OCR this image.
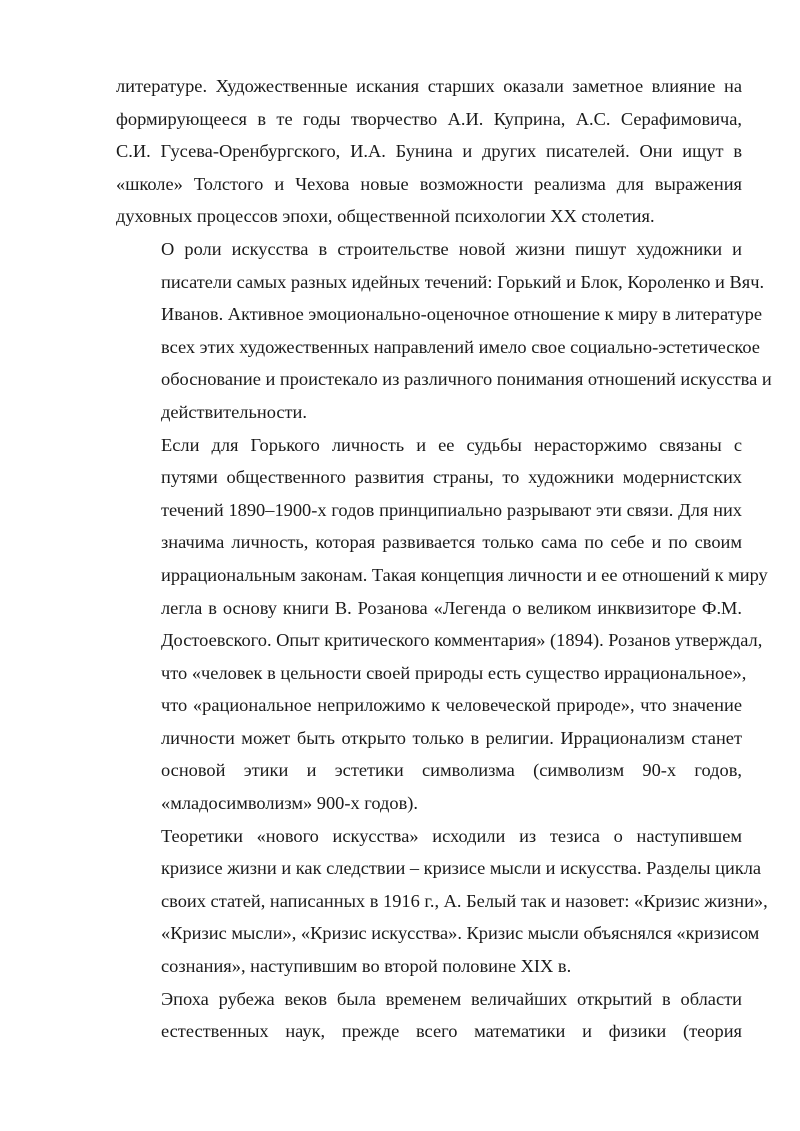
литературе. Художественные искания старших оказали заметное влияние на
формирующееся в те годы творчество А.И. Куприна, А.С. Серафимовича,
С.И. Гусева-Оренбургского, И.А. Бунина и других писателей. Они ищут в
«школе» Толстого и Чехова новые возможности реализма для выражения
духовных процессов эпохи, общественной психологии XX столетия.

О роли искусства в строительстве новой жизни пишут художники и
писатели самых разных идейных течений: Горький и Блок, Короленко и Вяч.
Иванов. Активное эмоционально-оценочное отношение к миру в литературе
всех этих художественных направлений имело свое социально-эстетическое
обоснование и проистекало из различного понимания отношений искусства и
действительности.

Если для Горького личность и ее судьбы нерасторжимо связаны с
путями общественного развития страны, то художники модернистских
течений 1890–1900-х годов принципиально разрывают эти связи. Для них
значима личность, которая развивается только сама по себе и по своим
иррациональным законам. Такая концепция личности и ее отношений к миру
легла в основу книги В. Розанова «Легенда о великом инквизиторе Ф.М.
Достоевского. Опыт критического комментария» (1894). Розанов утверждал,
что «человек в цельности своей природы есть существо иррациональное»,
что «рациональное неприложимо к человеческой природе», что значение
личности может быть открыто только в религии. Иррационализм станет
основой этики и эстетики символизма (символизм 90-х годов,
«младосимволизм» 900-х годов).

Теоретики «нового искусства» исходили из тезиса о наступившем
кризисе жизни и как следствии – кризисе мысли и искусства. Разделы цикла
своих статей, написанных в 1916 г., А. Белый так и назовет: «Кризис жизни»,
«Кризис мысли», «Кризис искусства». Кризис мысли объяснялся «кризисом
сознания», наступившим во второй половине XIX в.

Эпоха рубежа веков была временем величайших открытий в области
естественных наук, прежде всего математики и физики (теория
